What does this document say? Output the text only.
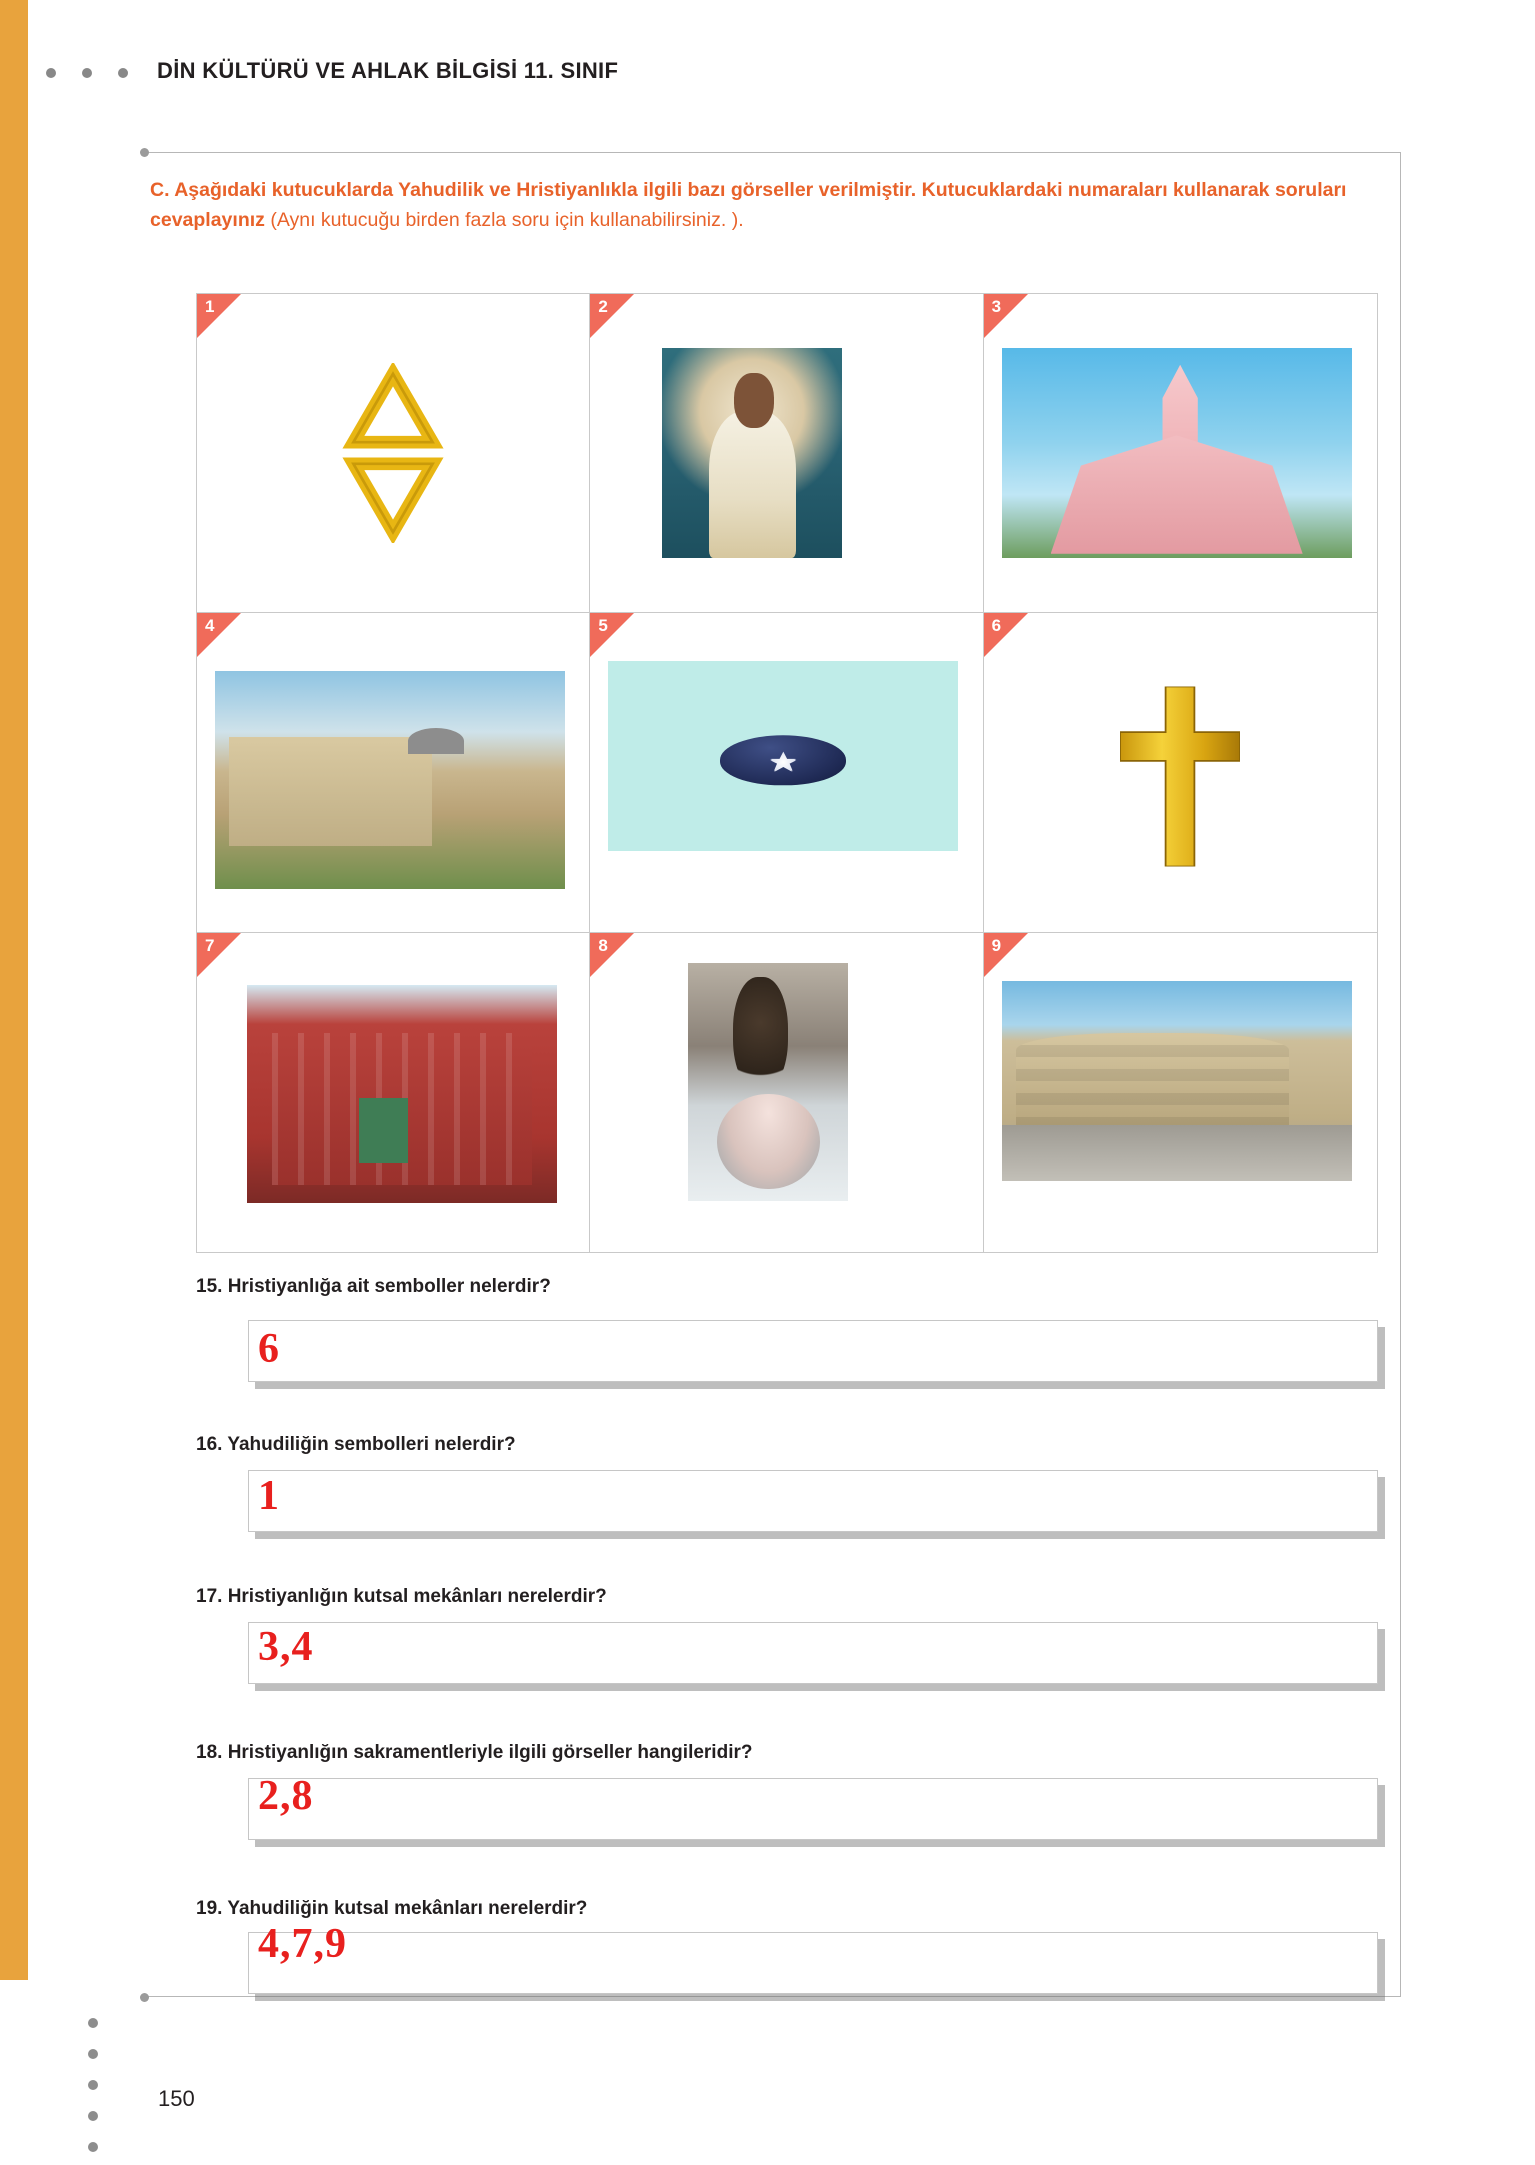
DİN KÜLTÜRÜ VE AHLAK BİLGİSİ 11. SINIF
C. Aşağıdaki kutucuklarda Yahudilik ve Hristiyanlıkla ilgili bazı görseller verilmiştir. Kutucuklardaki numaraları kullanarak soruları cevaplayınız (Aynı kutucuğu birden fazla soru için kullanabilirsiniz. ).
1	2	3
4	5	6
7	8	9
15. Hristiyanlığa ait semboller nelerdir?
6
16. Yahudiliğin sembolleri nelerdir?
1
17. Hristiyanlığın kutsal mekânları nerelerdir?
3,4
18. Hristiyanlığın sakramentleriyle ilgili görseller hangileridir?
2,8
19. Yahudiliğin kutsal mekânları nerelerdir?
4,7,9
150
